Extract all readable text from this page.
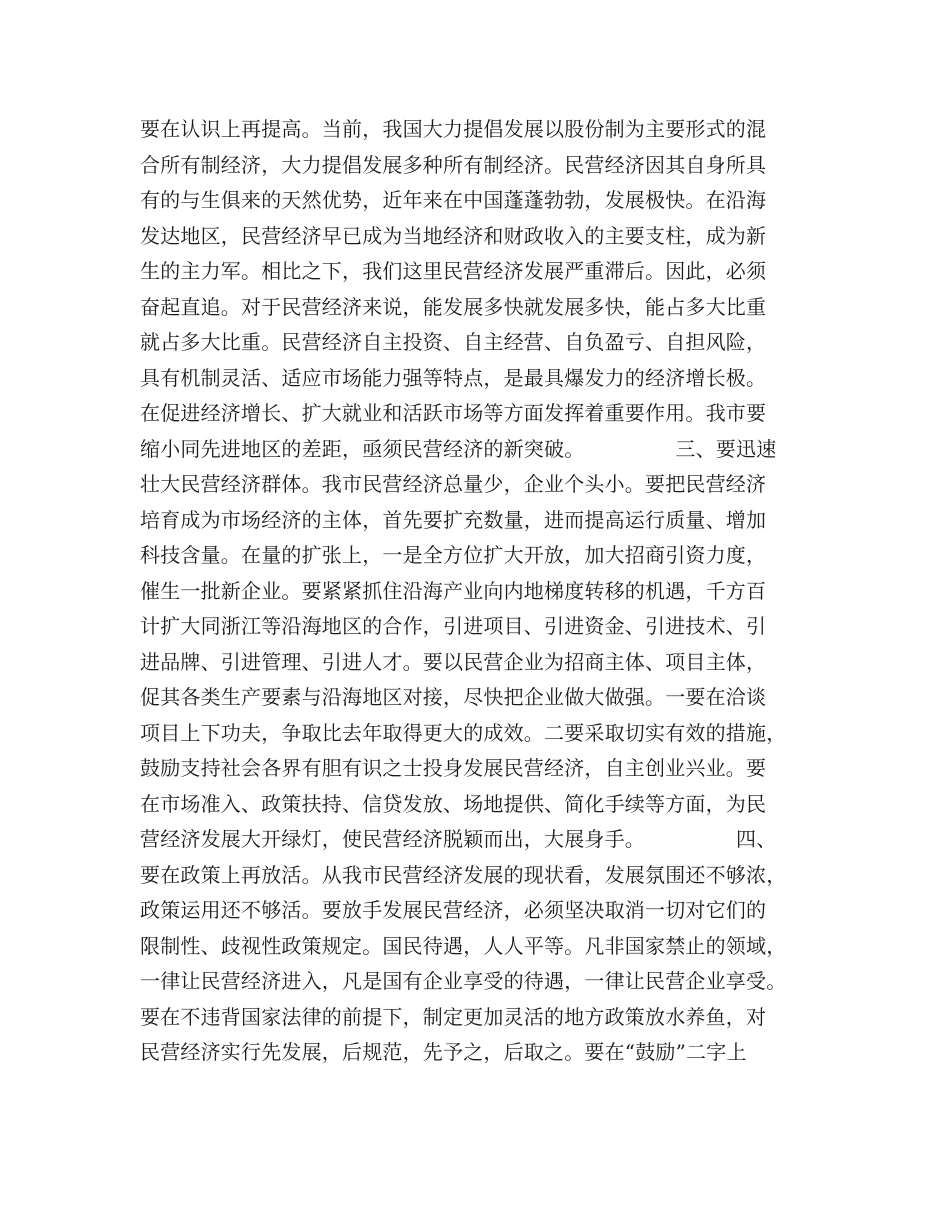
要在认识上再提高。当前，我国大力提倡发展以股份制为主要形式的混
合所有制经济，大力提倡发展多种所有制经济。民营经济因其自身所具
有的与生俱来的天然优势，近年来在中国蓬蓬勃勃，发展极快。在沿海
发达地区，民营经济早已成为当地经济和财政收入的主要支柱，成为新
生的主力军。相比之下，我们这里民营经济发展严重滞后。因此，必须
奋起直追。对于民营经济来说，能发展多快就发展多快，能占多大比重
就占多大比重。民营经济自主投资、自主经营、自负盈亏、自担风险，
具有机制灵活、适应市场能力强等特点，是最具爆发力的经济增长极。
在促进经济增长、扩大就业和活跃市场等方面发挥着重要作用。我市要
缩小同先进地区的差距，亟须民营经济的新突破。　　　　　三、要迅速
壮大民营经济群体。我市民营经济总量少，企业个头小。要把民营经济
培育成为市场经济的主体，首先要扩充数量，进而提高运行质量、增加
科技含量。在量的扩张上，一是全方位扩大开放，加大招商引资力度，
催生一批新企业。要紧紧抓住沿海产业向内地梯度转移的机遇，千方百
计扩大同浙江等沿海地区的合作，引进项目、引进资金、引进技术、引
进品牌、引进管理、引进人才。要以民营企业为招商主体、项目主体，
促其各类生产要素与沿海地区对接，尽快把企业做大做强。一要在洽谈
项目上下功夫，争取比去年取得更大的成效。二要采取切实有效的措施，
鼓励支持社会各界有胆有识之士投身发展民营经济，自主创业兴业。要
在市场准入、政策扶持、信贷发放、场地提供、简化手续等方面，为民
营经济发展大开绿灯，使民营经济脱颖而出，大展身手。　　　　　四、
要在政策上再放活。从我市民营经济发展的现状看，发展氛围还不够浓，
政策运用还不够活。要放手发展民营经济，必须坚决取消一切对它们的
限制性、歧视性政策规定。国民待遇，人人平等。凡非国家禁止的领域，
一律让民营经济进入，凡是国有企业享受的待遇，一律让民营企业享受。
要在不违背国家法律的前提下，制定更加灵活的地方政策放水养鱼，对
民营经济实行先发展，后规范，先予之，后取之。要在“鼓励”二字上
